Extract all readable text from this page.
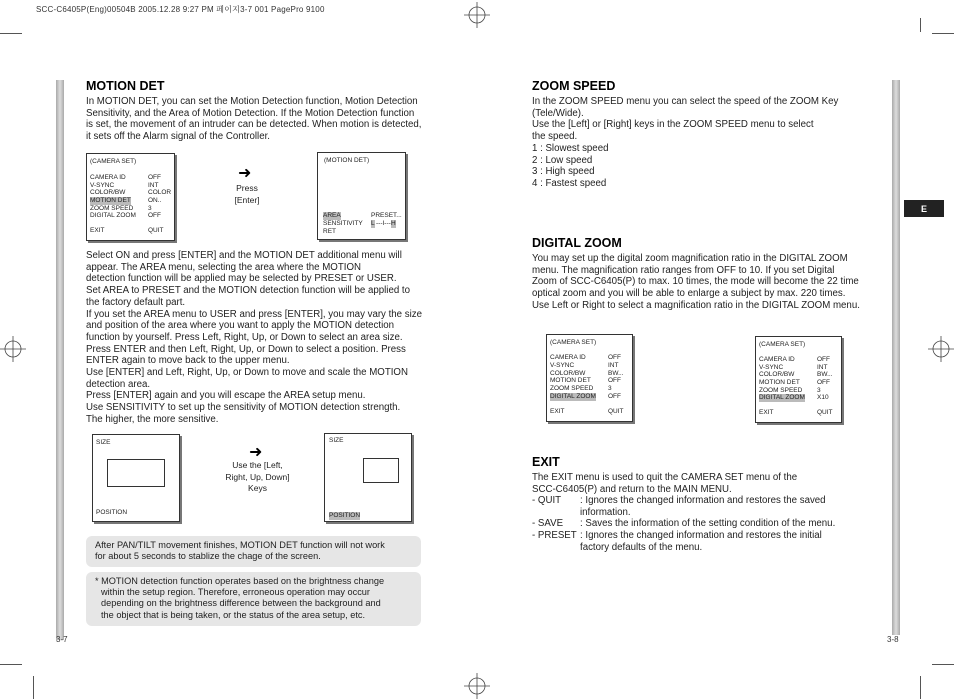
SCC-C6405P(Eng)00504B 2005.12.28 9:27 PM 페이지3-7 001 PagePro 9100
MOTION DET

In MOTION DET, you can set the Motion Detection function, Motion Detection

Sensitivity, and the Area of Motion Detection. If the Motion Detection function

is set, the movement of an intruder can be detected. When motion is detected,

it sets off the Alarm signal of the Controller.

(CAMERA SET)
CAMERA ID	OFF
V-SYNC	INT
COLOR/BW	COLOR
MOTION DET	ON..
ZOOM SPEED 3
DIGITAL ZOOM OFF
EXIT	QUIT
➜
Press
[Enter]
(MOTION DET)
AREA	PRESET...
SENSITIVITY L ---I--- H
RET

Select ON and press [ENTER] and the MOTION DET additional menu will

appear. The AREA menu, selecting the area where the MOTION

detection function will be applied may be selected by PRESET or USER.

Set AREA to PRESET and the MOTION detection function will be applied to

the factory default part.

If you set the AREA menu to USER and press [ENTER], you may vary the size

and position of the area where you want to apply the MOTION detection

function by yourself. Press Left, Right, Up, or Down to select an area size.

Press ENTER and then Left, Right, Up, or Down to select a position. Press

ENTER again to move back to the upper menu.

Use [ENTER] and Left, Right, Up, or Down to move and scale the MOTION

detection area.

Press [ENTER] again and you will escape the AREA setup menu.

Use SENSITIVITY to set up the sensitivity of MOTION detection strength.

The higher, the more sensitive.

SIZE
POSITION
➜
Use the [Left,
Right, Up, Down]
Keys
SIZE
POSITION

After PAN/TILT movement finishes, MOTION DET function will not work

for about 5 seconds to stablize the chage of the screen.

* MOTION detection function operates based on the brightness change

within the setup region. Therefore, erroneous operation may occur

depending on the brightness difference between the background and

the object that is being taken, or the status of the area setup, etc.

3-7
ZOOM SPEED

In the ZOOM SPEED menu you can select the speed of the ZOOM Key

(Tele/Wide).

Use the [Left] or [Right] keys in the ZOOM SPEED menu to select

the speed.

1 : Slowest speed

2 : Low speed

3 : High speed

4 : Fastest speed

DIGITAL ZOOM

You may set up the digital zoom magnification ratio in the DIGITAL ZOOM

menu. The magnification ratio ranges from OFF to 10. If you set Digital

Zoom of SCC-C6405(P) to max. 10 times, the mode will become the 22 time

optical zoom and you will be able to enlarge a subject by max. 220 times.

Use Left or Right to select a magnification ratio in the DIGITAL ZOOM menu.

(CAMERA SET)
CAMERA ID	OFF
V-SYNC	INT
COLOR/BW	BW...
MOTION DET	OFF
ZOOM SPEED 3
DIGITAL ZOOM OFF
EXIT	QUIT
(CAMERA SET)
CAMERA ID	OFF
V-SYNC	INT
COLOR/BW	BW...
MOTION DET	OFF
ZOOM SPEED 3
DIGITAL ZOOM X10
EXIT	QUIT
EXIT

The EXIT menu is used to quit the CAMERA SET menu of the

SCC-C6405(P) and return to the MAIN MENU.

- QUIT : Ignores the changed information and restores the saved
information.
- SAVE : Saves the information of the setting condition of the menu.
- PRESET : Ignores the changed information and restores the initial
factory defaults of the menu.
E
3-8
